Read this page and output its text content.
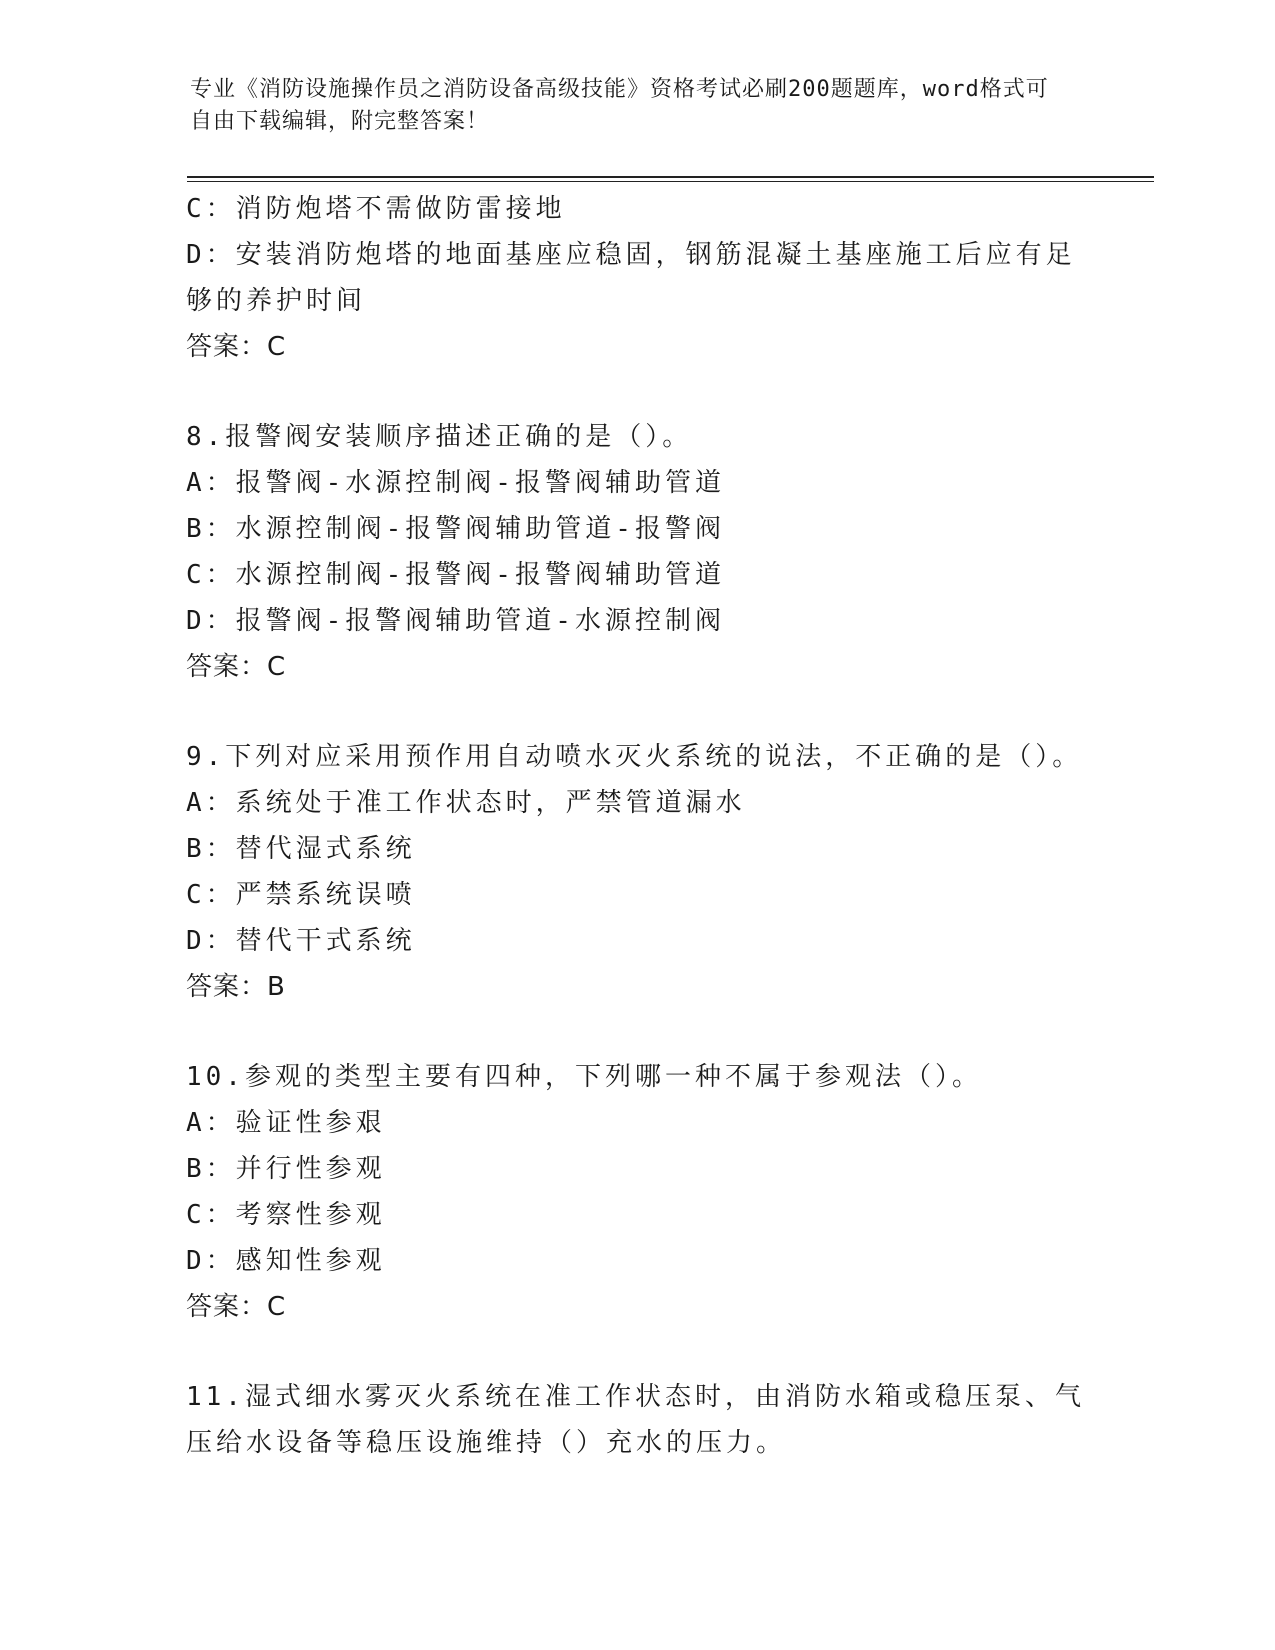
专业《消防设施操作员之消防设备高级技能》资格考试必刷200题题库，word格式可自由下载编辑，附完整答案！
C：消防炮塔不需做防雷接地
D：安装消防炮塔的地面基座应稳固，钢筋混凝土基座施工后应有足够的养护时间
答案：C
8.报警阀安装顺序描述正确的是（）。
A：报警阀-水源控制阀-报警阀辅助管道
B：水源控制阀-报警阀辅助管道-报警阀
C：水源控制阀-报警阀-报警阀辅助管道
D：报警阀-报警阀辅助管道-水源控制阀
答案：C
9.下列对应采用预作用自动喷水灭火系统的说法，不正确的是（）。
A：系统处于准工作状态时，严禁管道漏水
B：替代湿式系统
C：严禁系统误喷
D：替代干式系统
答案：B
10.参观的类型主要有四种，下列哪一种不属于参观法（）。
A：验证性参艰
B：并行性参观
C：考察性参观
D：感知性参观
答案：C
11.湿式细水雾灭火系统在准工作状态时，由消防水箱或稳压泵、气压给水设备等稳压设施维持（）充水的压力。
